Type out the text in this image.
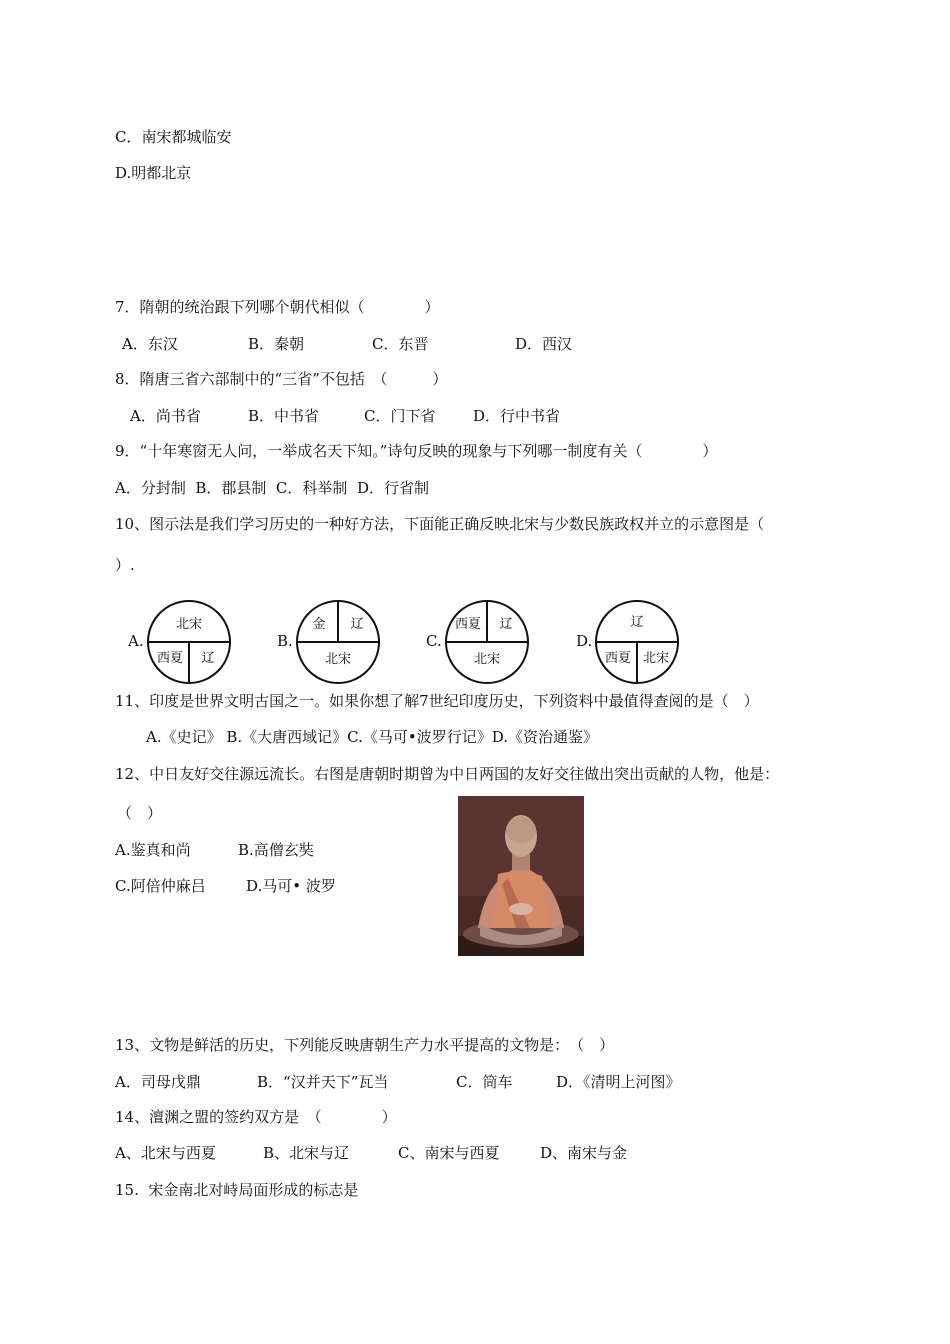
C．南宋都城临安
D.明都北京
7．隋朝的统治跟下列哪个朝代相似（　　　　）
A．东汉	B．秦朝	C．东晋	D．西汉
8．隋唐三省六部制中的“三省”不包括　（　　　）
A．尚书省	B．中书省	C．门下省	D．行中书省
9．“十年寒窗无人问，一举成名天下知。”诗句反映的现象与下列哪一制度有关（　　　　）
A．分封制  B．郡县制  C．科举制  D．行省制
10、图示法是我们学习历史的一种好方法，下面能正确反映北宋与少数民族政权并立的示意图是（
）.
A.
北宋
西夏 辽
B.
金 辽
北宋
C.
西夏 辽
北宋
D.
辽
西夏 北宋
11、印度是世界文明古国之一。如果你想了解7世纪印度历史，下列资料中最值得查阅的是（　）
A.《史记》 B.《大唐西域记》C.《马可•波罗行记》D.《资治通鉴》
12、中日友好交往源远流长。右图是唐朝时期曾为中日两国的友好交往做出突出贡献的人物，他是：
（　）
A.鉴真和尚	B.高僧玄奘
C.阿倍仲麻吕	D.马可• 波罗
13、文物是鲜活的历史，下列能反映唐朝生产力水平提高的文物是：　（　）
A．司母戊鼎	B．“汉并天下”瓦当	C．筒车	D．《清明上河图》
14、澶渊之盟的签约双方是　（　　　　）
A、北宋与西夏	B、北宋与辽	C、南宋与西夏	D、南宋与金
15.  宋金南北对峙局面形成的标志是
